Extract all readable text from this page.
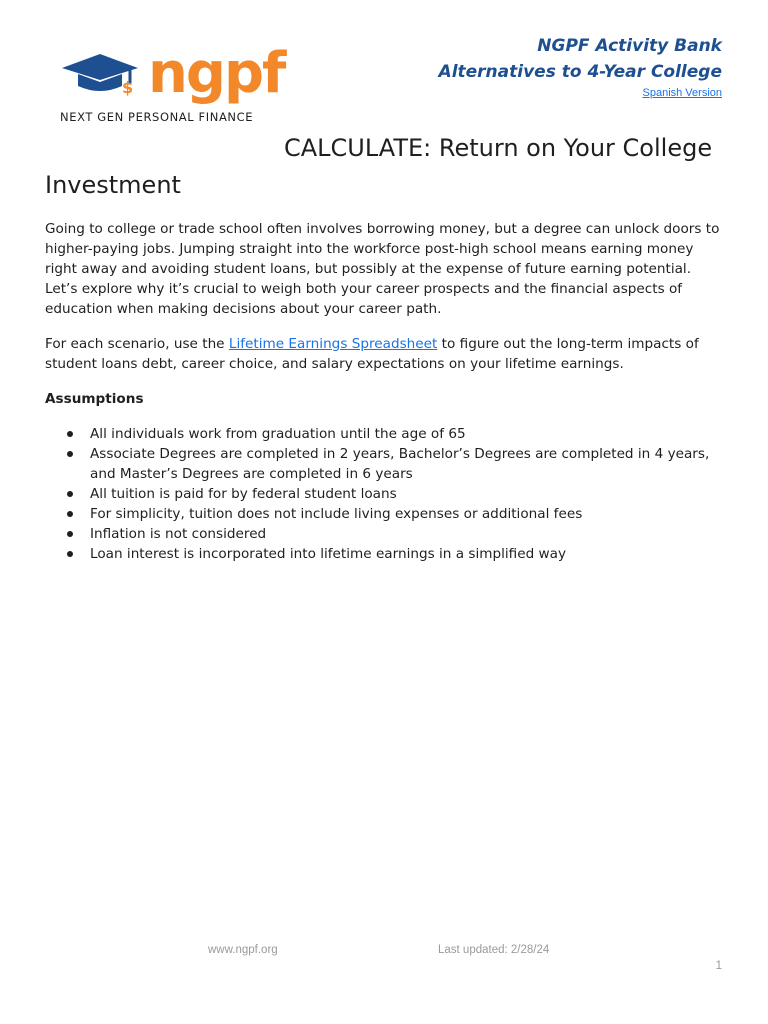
$ ngpf
NEXT GEN PERSONAL FINANCE
NGPF Activity Bank
Alternatives to 4-Year College
Spanish Version
CALCULATE: Return on Your College Investment

Going to college or trade school often involves borrowing money, but a degree can unlock doors to higher-paying jobs. Jumping straight into the workforce post-high school means earning money right away and avoiding student loans, but possibly at the expense of future earning potential. Let’s explore why it’s crucial to weigh both your career prospects and the financial aspects of education when making decisions about your career path.

For each scenario, use the Lifetime Earnings Spreadsheet to figure out the long-term impacts of student loans debt, career choice, and salary expectations on your lifetime earnings.

Assumptions

All individuals work from graduation until the age of 65
Associate Degrees are completed in 2 years, Bachelor’s Degrees are completed in 4 years, and Master’s Degrees are completed in 6 years
All tuition is paid for by federal student loans
For simplicity, tuition does not include living expenses or additional fees
Inflation is not considered
Loan interest is incorporated into lifetime earnings in a simplified way
www.ngpf.org	Last updated: 2/28/24
1
